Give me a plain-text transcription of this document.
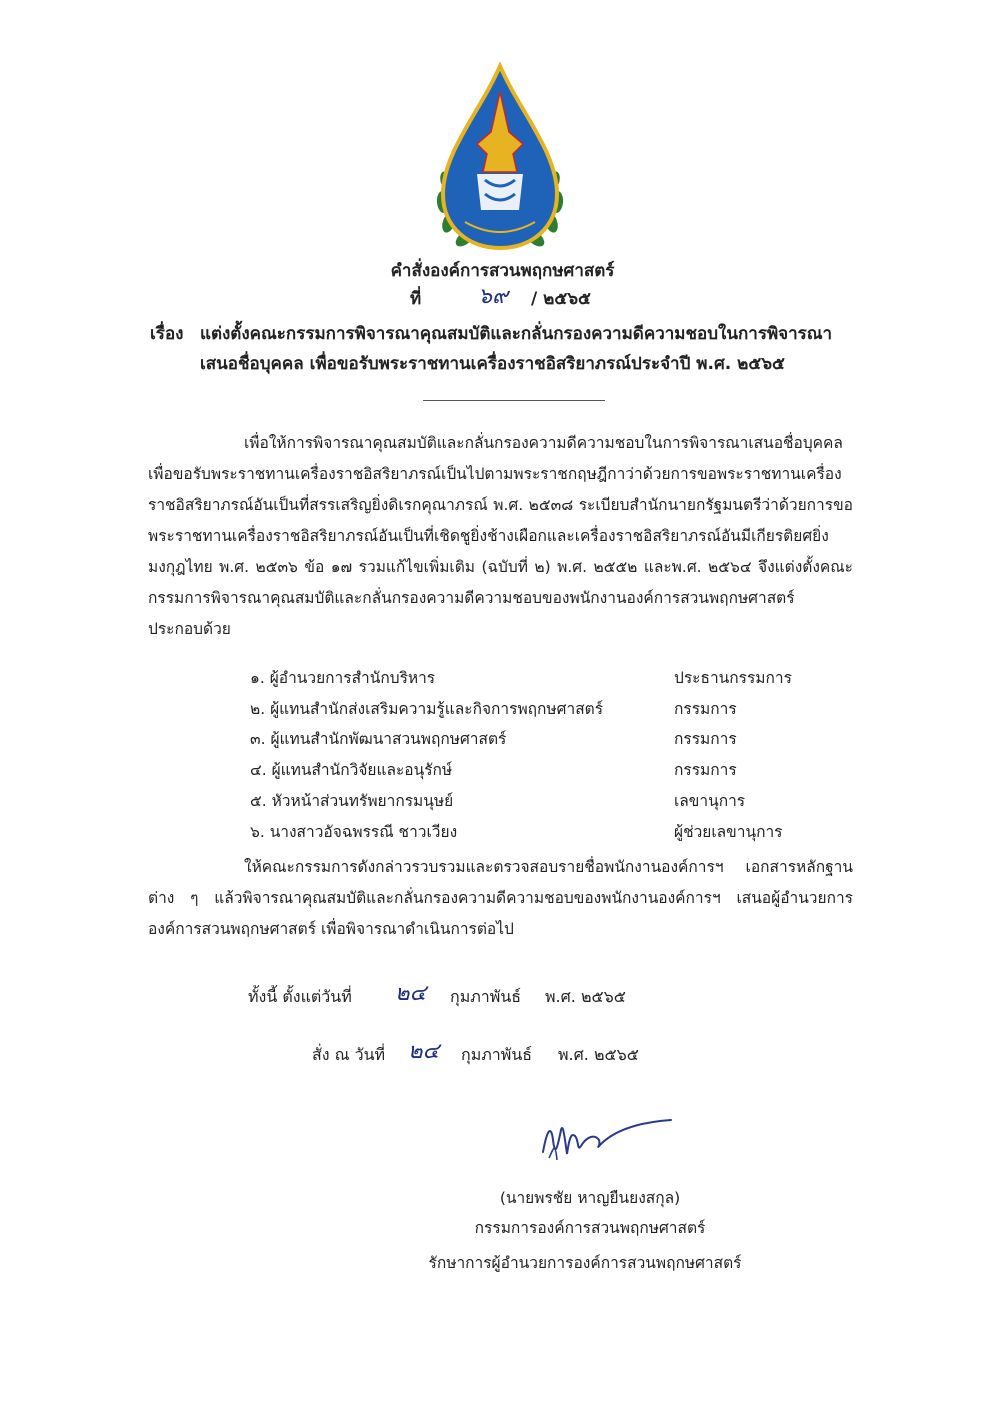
คำสั่งองค์การสวนพฤกษศาสตร์
ที่	๖๙ / ๒๕๖๕
เรื่อง แต่งตั้งคณะกรรมการพิจารณาคุณสมบัติและกลั่นกรองความดีความชอบในการพิจารณา
เสนอชื่อบุคคล เพื่อขอรับพระราชทานเครื่องราชอิสริยาภรณ์ประจำปี พ.ศ. ๒๕๖๕

เพื่อให้การพิจารณาคุณสมบัติและกลั่นกรองความดีความชอบในการพิจารณาเสนอชื่อบุคคล เพื่อขอรับพระราชทานเครื่องราชอิสริยาภรณ์เป็นไปตามพระราชกฤษฎีกาว่าด้วยการขอพระราชทานเครื่องราชอิสริยาภรณ์อันเป็นที่สรรเสริญยิ่งดิเรกคุณาภรณ์ พ.ศ. ๒๕๓๘ ระเบียบสำนักนายกรัฐมนตรีว่าด้วยการขอพระราชทานเครื่องราชอิสริยาภรณ์อันเป็นที่เชิดชูยิ่งช้างเผือกและเครื่องราชอิสริยาภรณ์อันมีเกียรติยศยิ่งมงกุฎไทย พ.ศ. ๒๕๓๖ ข้อ ๑๗ รวมแก้ไขเพิ่มเติม (ฉบับที่ ๒) พ.ศ. ๒๕๕๒ และพ.ศ. ๒๕๖๔ จึงแต่งตั้งคณะกรรมการพิจารณาคุณสมบัติและกลั่นกรองความดีความชอบของพนักงานองค์การสวนพฤกษศาสตร์ ประกอบด้วย

๑. ผู้อำนวยการสำนักบริหาร	ประธานกรรมการ
๒. ผู้แทนสำนักส่งเสริมความรู้และกิจการพฤกษศาสตร์	กรรมการ
๓. ผู้แทนสำนักพัฒนาสวนพฤกษศาสตร์	กรรมการ
๔. ผู้แทนสำนักวิจัยและอนุรักษ์	กรรมการ
๕. หัวหน้าส่วนทรัพยากรมนุษย์	เลขานุการ
๖. นางสาวอัจฉพรรณี ชาวเวียง	ผู้ช่วยเลขานุการ

ให้คณะกรรมการดังกล่าวรวบรวมและตรวจสอบรายชื่อพนักงานองค์การฯ เอกสารหลักฐานต่าง ๆ แล้วพิจารณาคุณสมบัติและกลั่นกรองความดีความชอบของพนักงานองค์การฯ เสนอผู้อำนวยการองค์การสวนพฤกษศาสตร์ เพื่อพิจารณาดำเนินการต่อไป

ทั้งนี้ ตั้งแต่วันที่ ๒๔ กุมภาพันธ์ พ.ศ. ๒๕๖๕
สั่ง ณ วันที่ ๒๔ กุมภาพันธ์ พ.ศ. ๒๕๖๕
(นายพรชัย หาญยืนยงสกุล)
กรรมการองค์การสวนพฤกษศาสตร์
รักษาการผู้อำนวยการองค์การสวนพฤกษศาสตร์
